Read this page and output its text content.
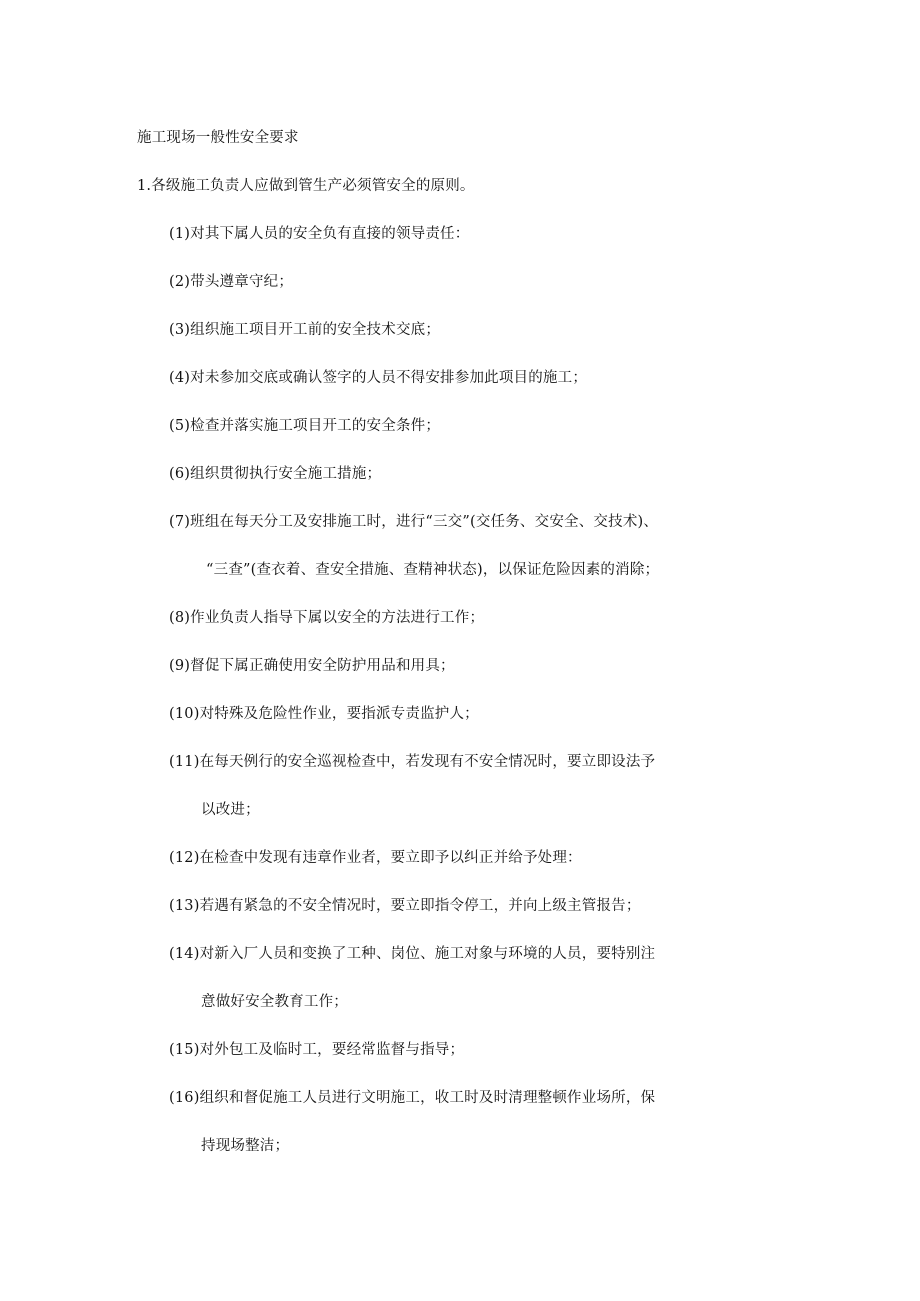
施工现场一般性安全要求
1.各级施工负责人应做到管生产必须管安全的原则。
(1)对其下属人员的安全负有直接的领导责任：
(2)带头遵章守纪；
(3)组织施工项目开工前的安全技术交底；
(4)对未参加交底或确认签字的人员不得安排参加此项目的施工；
(5)检查并落实施工项目开工的安全条件；
(6)组织贯彻执行安全施工措施；
(7)班组在每天分工及安排施工时，进行“三交”(交任务、交安全、交技术)、
“三查”(查衣着、查安全措施、查精神状态)，以保证危险因素的消除；
(8)作业负责人指导下属以安全的方法进行工作；
(9)督促下属正确使用安全防护用品和用具；
(10)对特殊及危险性作业，要指派专责监护人；
(11)在每天例行的安全巡视检查中，若发现有不安全情况时，要立即设法予
以改进；
(12)在检查中发现有违章作业者，要立即予以纠正并给予处理：
(13)若遇有紧急的不安全情况时，要立即指令停工，并向上级主管报告；
(14)对新入厂人员和变换了工种、岗位、施工对象与环境的人员，要特别注
意做好安全教育工作；
(15)对外包工及临时工，要经常监督与指导；
(16)组织和督促施工人员进行文明施工，收工时及时清理整顿作业场所，保
持现场整洁；
